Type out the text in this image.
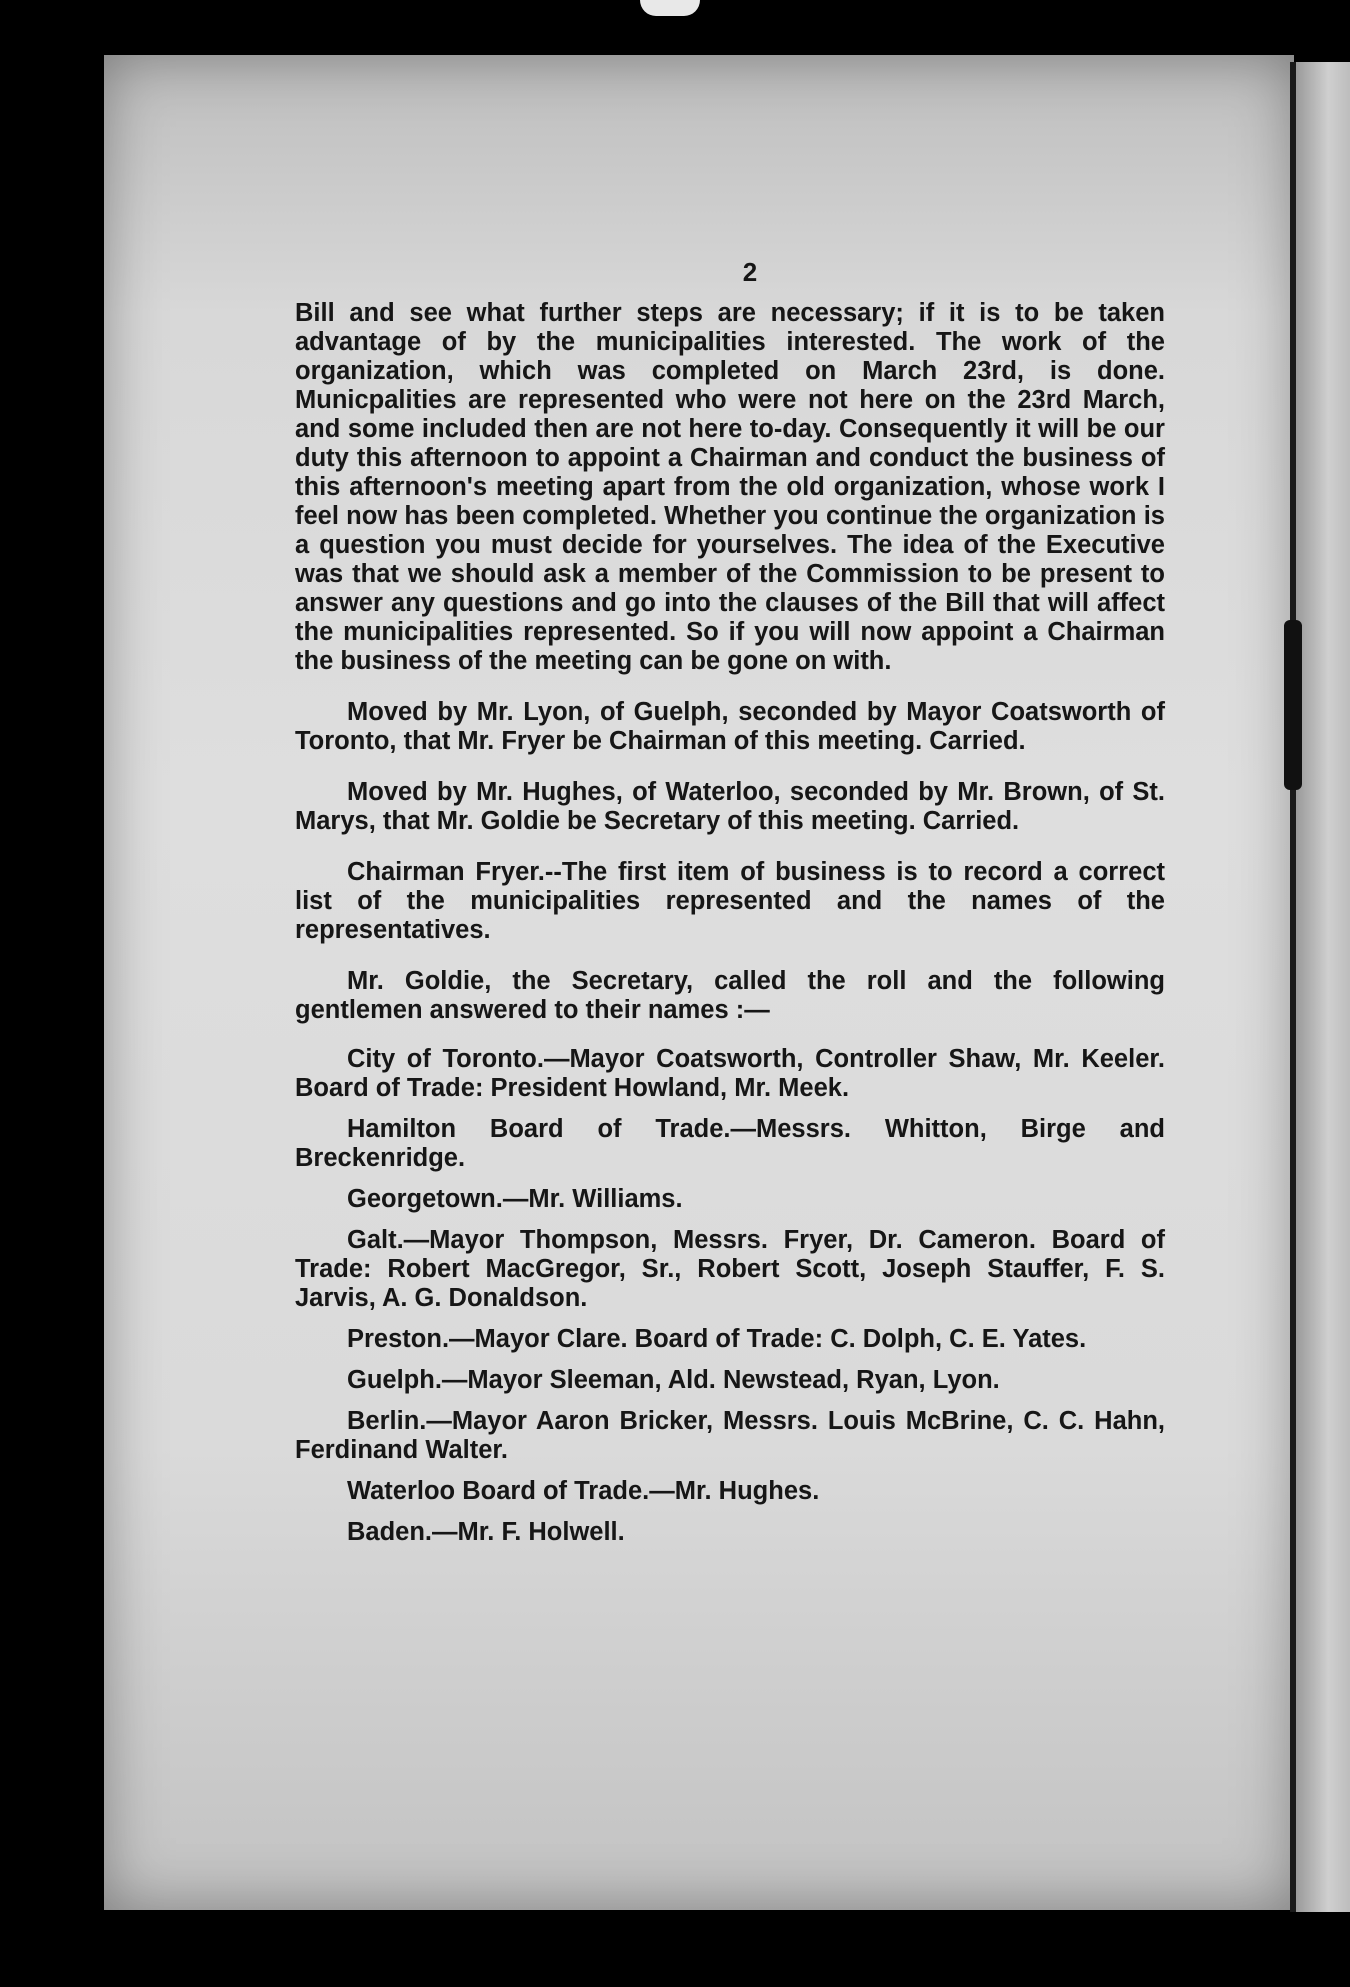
2

Bill and see what further steps are necessary; if it is to be taken advantage of by the municipalities interested. The work of the organization, which was completed on March 23rd, is done. Municpalities are represented who were not here on the 23rd March, and some included then are not here to-day. Consequently it will be our duty this afternoon to appoint a Chairman and conduct the business of this afternoon's meeting apart from the old organization, whose work I feel now has been completed. Whether you continue the organization is a question you must decide for yourselves. The idea of the Executive was that we should ask a member of the Commission to be present to answer any questions and go into the clauses of the Bill that will affect the municipalities represented. So if you will now appoint a Chairman the business of the meeting can be gone on with.

Moved by Mr. Lyon, of Guelph, seconded by Mayor Coatsworth of Toronto, that Mr. Fryer be Chairman of this meeting. Carried.

Moved by Mr. Hughes, of Waterloo, seconded by Mr. Brown, of St. Marys, that Mr. Goldie be Secretary of this meeting. Carried.

Chairman Fryer.--The first item of business is to record a correct list of the municipalities represented and the names of the representatives.

Mr. Goldie, the Secretary, called the roll and the following gentlemen answered to their names :—

City of Toronto.—Mayor Coatsworth, Controller Shaw, Mr. Keeler. Board of Trade: President Howland, Mr. Meek.

Hamilton Board of Trade.—Messrs. Whitton, Birge and Breckenridge.

Georgetown.—Mr. Williams.

Galt.—Mayor Thompson, Messrs. Fryer, Dr. Cameron. Board of Trade: Robert MacGregor, Sr., Robert Scott, Joseph Stauffer, F. S. Jarvis, A. G. Donaldson.

Preston.—Mayor Clare. Board of Trade: C. Dolph, C. E. Yates.

Guelph.—Mayor Sleeman, Ald. Newstead, Ryan, Lyon.

Berlin.—Mayor Aaron Bricker, Messrs. Louis McBrine, C. C. Hahn, Ferdinand Walter.

Waterloo Board of Trade.—Mr. Hughes.

Baden.—Mr. F. Holwell.
